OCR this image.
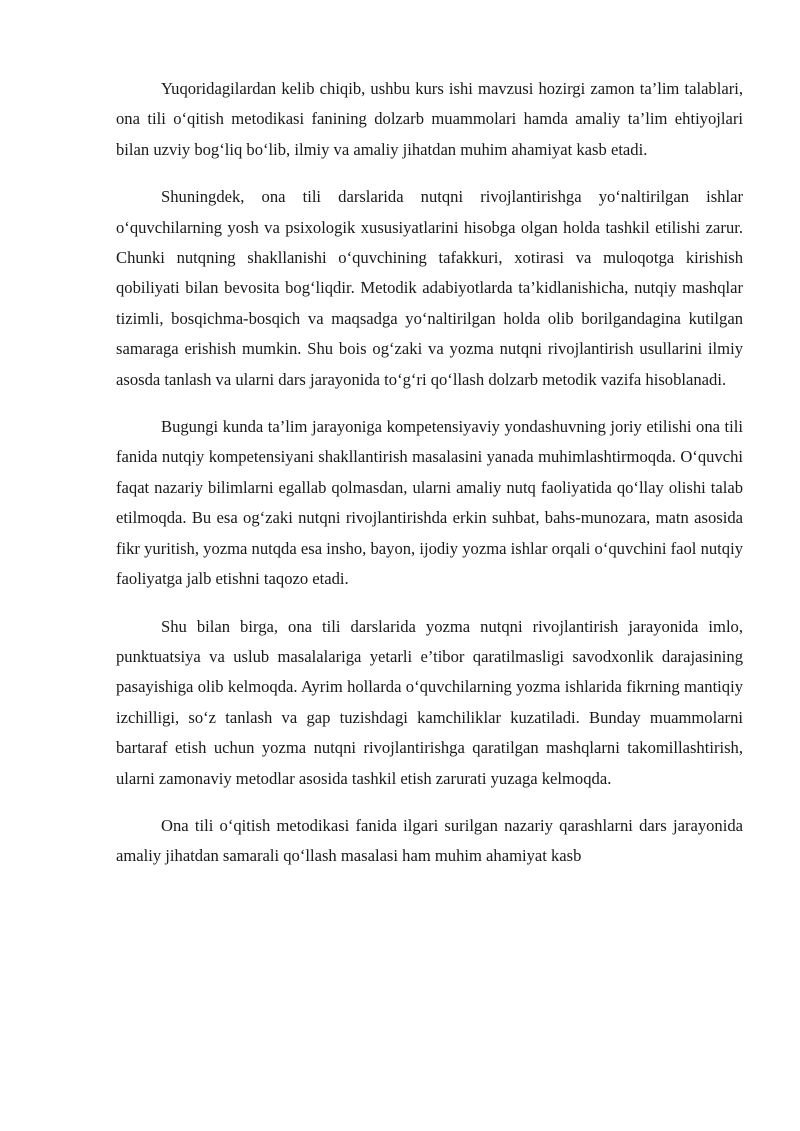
Yuqoridagilardan kelib chiqib, ushbu kurs ishi mavzusi hozirgi zamon ta’lim talablari, ona tili o‘qitish metodikasi fanining dolzarb muammolari hamda amaliy ta’lim ehtiyojlari bilan uzviy bog‘liq bo‘lib, ilmiy va amaliy jihatdan muhim ahamiyat kasb etadi.

Shuningdek, ona tili darslarida nutqni rivojlantirishga yo‘naltirilgan ishlar o‘quvchilarning yosh va psixologik xususiyatlarini hisobga olgan holda tashkil etilishi zarur. Chunki nutqning shakllanishi o‘quvchining tafakkuri, xotirasi va muloqotga kirishish qobiliyati bilan bevosita bog‘liqdir. Metodik adabiyotlarda ta’kidlanishicha, nutqiy mashqlar tizimli, bosqichma-bosqich va maqsadga yo‘naltirilgan holda olib borilgandagina kutilgan samaraga erishish mumkin. Shu bois og‘zaki va yozma nutqni rivojlantirish usullarini ilmiy asosda tanlash va ularni dars jarayonida to‘g‘ri qo‘llash dolzarb metodik vazifa hisoblanadi.

Bugungi kunda ta’lim jarayoniga kompetensiyaviy yondashuvning joriy etilishi ona tili fanida nutqiy kompetensiyani shakllantirish masalasini yanada muhimlashtirmoqda. O‘quvchi faqat nazariy bilimlarni egallab qolmasdan, ularni amaliy nutq faoliyatida qo‘llay olishi talab etilmoqda. Bu esa og‘zaki nutqni rivojlantirishda erkin suhbat, bahs-munozara, matn asosida fikr yuritish, yozma nutqda esa insho, bayon, ijodiy yozma ishlar orqali o‘quvchini faol nutqiy faoliyatga jalb etishni taqozo etadi.

Shu bilan birga, ona tili darslarida yozma nutqni rivojlantirish jarayonida imlo, punktuatsiya va uslub masalalariga yetarli e’tibor qaratilmasligi savodxonlik darajasining pasayishiga olib kelmoqda. Ayrim hollarda o‘quvchilarning yozma ishlarida fikrning mantiqiy izchilligi, so‘z tanlash va gap tuzishdagi kamchiliklar kuzatiladi. Bunday muammolarni bartaraf etish uchun yozma nutqni rivojlantirishga qaratilgan mashqlarni takomillashtirish, ularni zamonaviy metodlar asosida tashkil etish zarurati yuzaga kelmoqda.

Ona tili o‘qitish metodikasi fanida ilgari surilgan nazariy qarashlarni dars jarayonida amaliy jihatdan samarali qo‘llash masalasi ham muhim ahamiyat kasb
